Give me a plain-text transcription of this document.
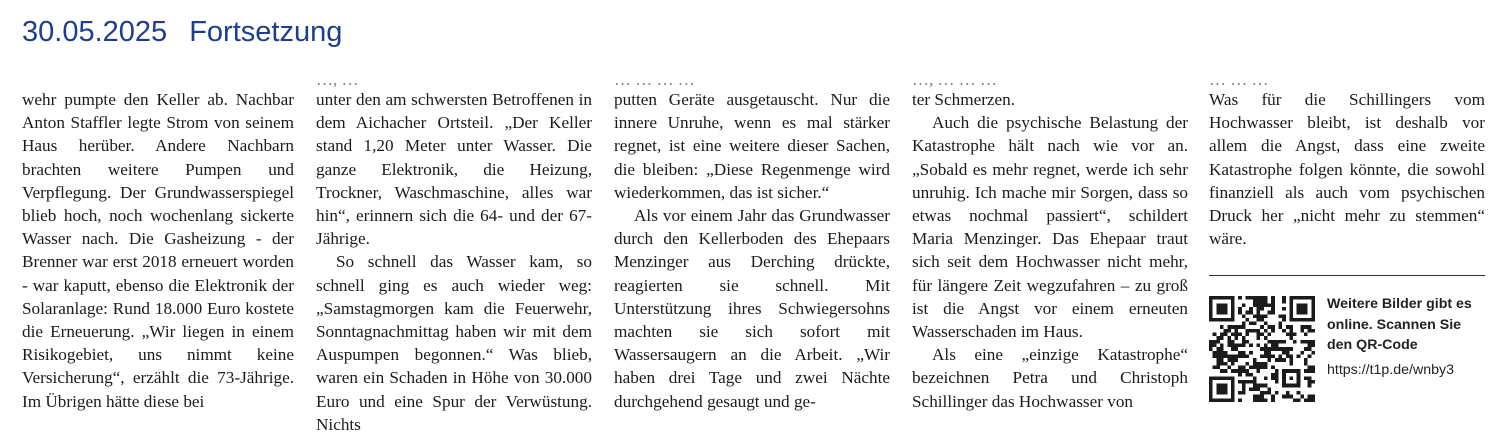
30.05.2025 Fortsetzung

wehr pumpte den Keller ab. Nachbar Anton Staffler legte Strom von seinem Haus herüber. Andere Nachbarn brachten weitere Pumpen und Verpflegung. Der Grundwasserspiegel blieb hoch, noch wochenlang sickerte Wasser nach. Die Gasheizung - der Brenner war erst 2018 erneuert worden - war kaputt, ebenso die Elektronik der Solaranlage: Rund 18.000 Euro kostete die Erneuerung. „Wir liegen in einem Risikogebiet, uns nimmt keine Versicherung“, erzählt die 73-Jährige. Im Übrigen hätte diese bei

…, …

unter den am schwersten Betroffenen in dem Aichacher Ortsteil. „Der Keller stand 1,20 Meter unter Wasser. Die ganze Elektronik, die Heizung, Trockner, Waschmaschine, alles war hin“, erinnern sich die 64- und der 67-Jährige.

So schnell das Wasser kam, so schnell ging es auch wieder weg: „Samstagmorgen kam die Feuerwehr, Sonntagnachmittag haben wir mit dem Auspumpen begonnen.“ Was blieb, waren ein Schaden in Höhe von 30.000 Euro und eine Spur der Verwüstung. Nichts

… … … …

putten Geräte ausgetauscht. Nur die innere Unruhe, wenn es mal stärker regnet, ist eine weitere dieser Sachen, die bleiben: „Diese Regenmenge wird wiederkommen, das ist sicher.“

Als vor einem Jahr das Grundwasser durch den Kellerboden des Ehepaars Menzinger aus Derching drückte, reagierten sie schnell. Mit Unterstützung ihres Schwiegersohns machten sie sich sofort mit Wassersaugern an die Arbeit. „Wir haben drei Tage und zwei Nächte durchgehend gesaugt und ge-

…, … … …

ter Schmerzen.

Auch die psychische Belastung der Katastrophe hält nach wie vor an. „Sobald es mehr regnet, werde ich sehr unruhig. Ich mache mir Sorgen, dass so etwas nochmal passiert“, schildert Maria Menzinger. Das Ehepaar traut sich seit dem Hochwasser nicht mehr, für längere Zeit wegzufahren – zu groß ist die Angst vor einem erneuten Wasserschaden im Haus.

Als eine „einzige Katastrophe“ bezeichnen Petra und Christoph Schillinger das Hochwasser von

… … …

Was für die Schillingers vom Hochwasser bleibt, ist deshalb vor allem die Angst, dass eine zweite Katastrophe folgen könnte, die sowohl finanziell als auch vom psychischen Druck her „nicht mehr zu stemmen“ wäre.

Weitere Bilder gibt es online. Scannen Sie den QR-Code
https://t1p.de/wnby3
